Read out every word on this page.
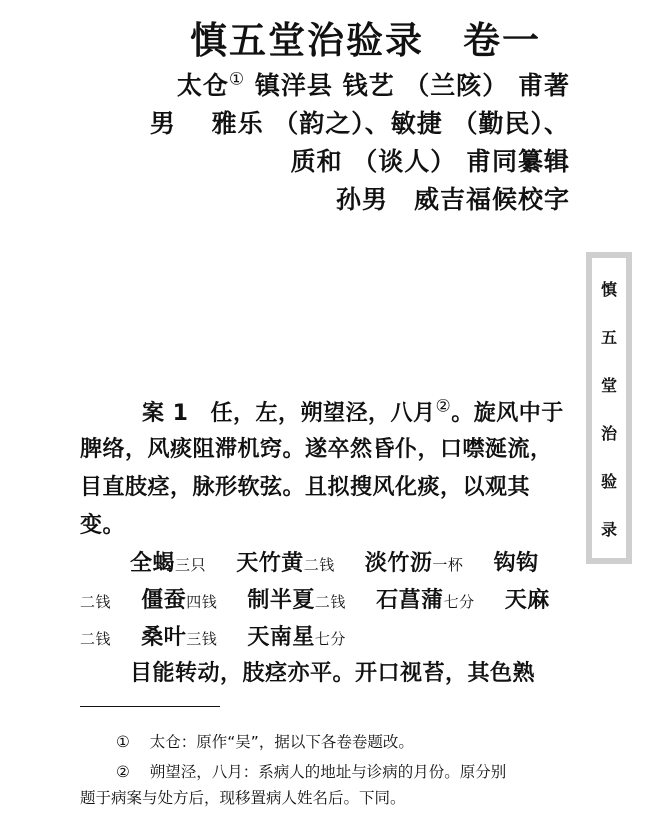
慎五堂治验录　卷一
太仓① 镇洋县 钱艺 （兰陔） 甫著
男　 雅乐 （韵之）、敏捷 （勤民）、
质和 （谈人） 甫同纂辑
孙男　威吉福候校字
慎
五
堂
治
验
录
案 1 任，左，朔望泾，八月②。旋风中于
脾络，风痰阻滞机窍。遂卒然昏仆，口噤涎流，
目直肢痉，脉形软弦。且拟搜风化痰，以观其
变。
全蝎三只 天竹黄二钱 淡竹沥一杯 钩钩
二钱 僵蚕四钱 制半夏二钱 石菖蒲七分 天麻
二钱 桑叶三钱 天南星七分
目能转动，肢痉亦平。开口视苔，其色熟
① 太仓：原作“吴”，据以下各卷卷题改。
② 朔望泾，八月：系病人的地址与诊病的月份。原分别
题于病案与处方后，现移置病人姓名后。下同。
